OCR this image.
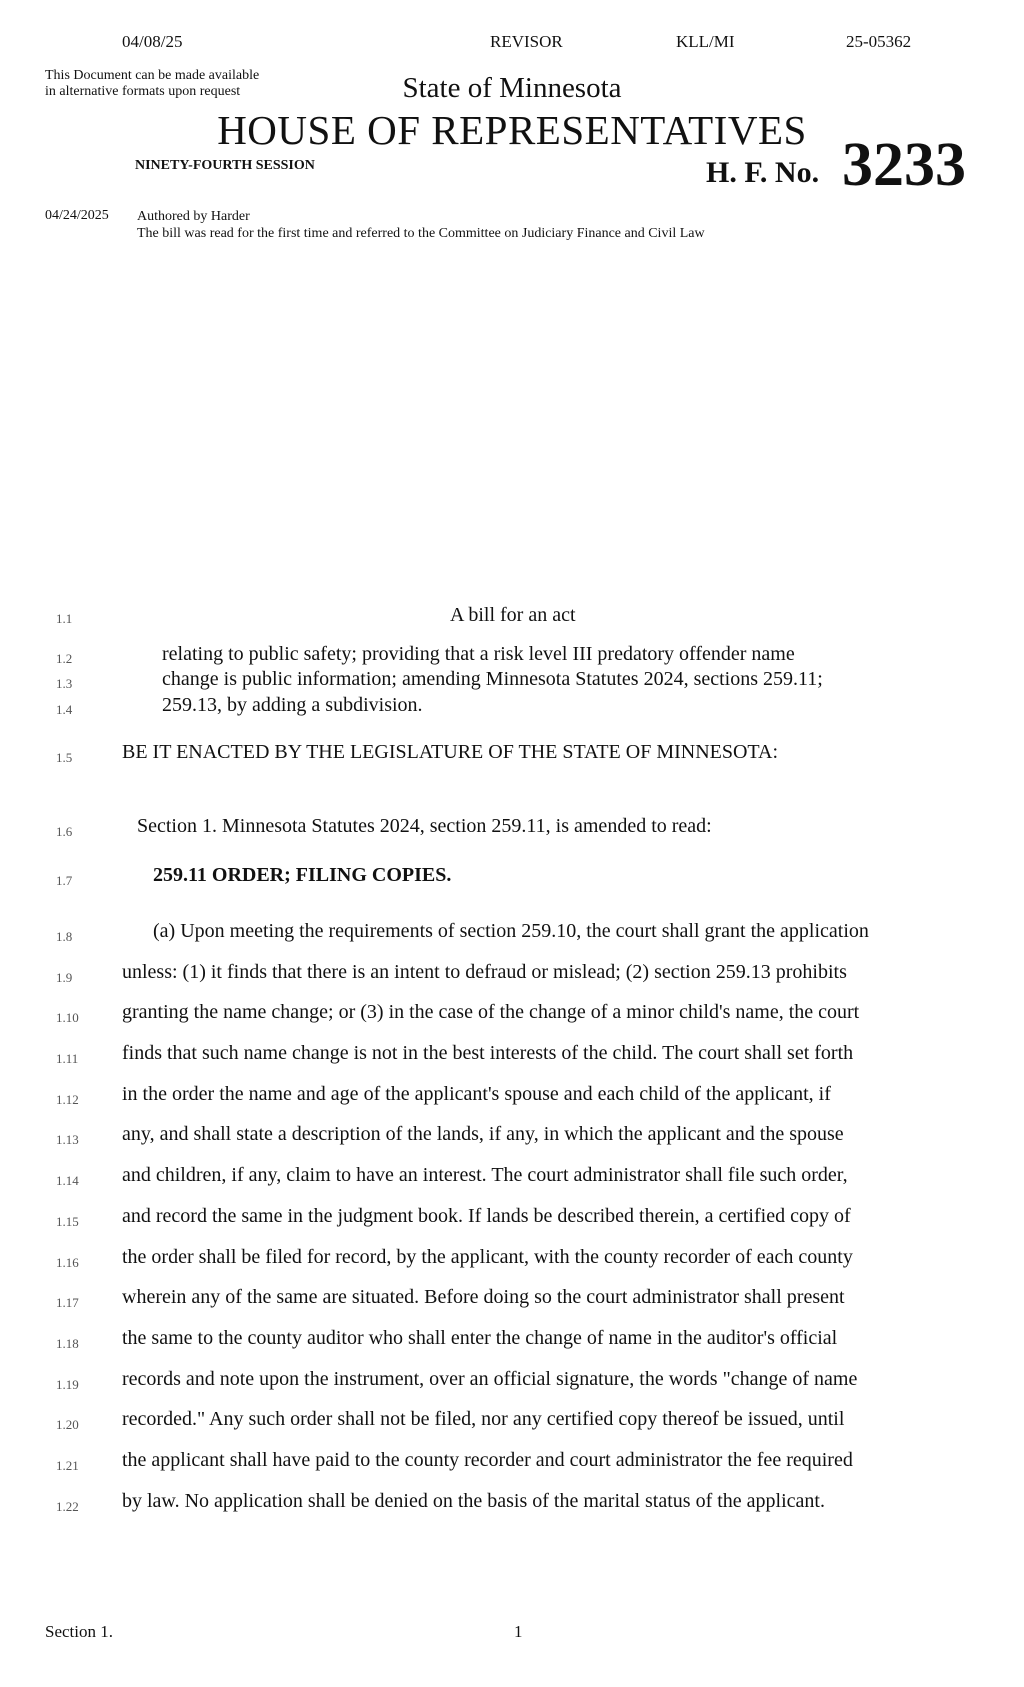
04/08/25	REVISOR	KLL/MI	25-05362
This Document can be made available
in alternative formats upon request	State of Minnesota
HOUSE OF REPRESENTATIVES
NINETY-FOURTH SESSION	H. F. No. 3233
04/24/2025 Authored by Harder
The bill was read for the first time and referred to the Committee on Judiciary Finance and Civil Law
1.1	A bill for an act
1.2	relating to public safety; providing that a risk level III predatory offender name
1.3	change is public information; amending Minnesota Statutes 2024, sections 259.11;
1.4	259.13, by adding a subdivision.
1.5 BE IT ENACTED BY THE LEGISLATURE OF THE STATE OF MINNESOTA:
1.6	Section 1. Minnesota Statutes 2024, section 259.11, is amended to read:
1.7	259.11 ORDER; FILING COPIES.
1.8	(a) Upon meeting the requirements of section 259.10, the court shall grant the application
1.9 unless: (1) it finds that there is an intent to defraud or mislead; (2) section 259.13 prohibits
1.10 granting the name change; or (3) in the case of the change of a minor child's name, the court
1.11 finds that such name change is not in the best interests of the child. The court shall set forth
1.12 in the order the name and age of the applicant's spouse and each child of the applicant, if
1.13 any, and shall state a description of the lands, if any, in which the applicant and the spouse
1.14 and children, if any, claim to have an interest. The court administrator shall file such order,
1.15 and record the same in the judgment book. If lands be described therein, a certified copy of
1.16 the order shall be filed for record, by the applicant, with the county recorder of each county
1.17 wherein any of the same are situated. Before doing so the court administrator shall present
1.18 the same to the county auditor who shall enter the change of name in the auditor's official
1.19 records and note upon the instrument, over an official signature, the words "change of name
1.20 recorded." Any such order shall not be filed, nor any certified copy thereof be issued, until
1.21 the applicant shall have paid to the county recorder and court administrator the fee required
1.22 by law. No application shall be denied on the basis of the marital status of the applicant.
Section 1.	1
